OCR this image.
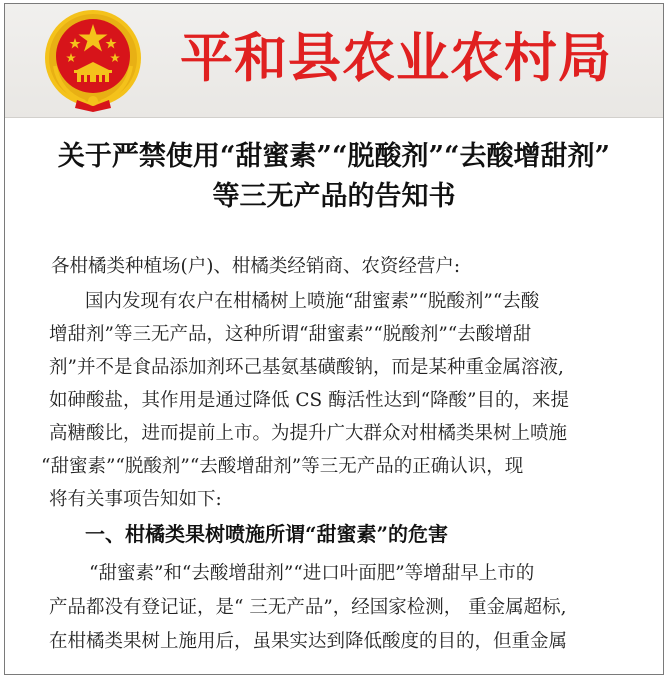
平和县农业农村局
关于严禁使用“甜蜜素”“脱酸剂”“去酸增甜剂”
等三无产品的告知书
各柑橘类种植场(户)、柑橘类经销商、农资经营户:
国内发现有农户在柑橘树上喷施“甜蜜素”“脱酸剂”“去酸
增甜剂”等三无产品，这种所谓“甜蜜素”“脱酸剂”“去酸增甜
剂”并不是食品添加剂环己基氨基磺酸钠，而是某种重金属溶液,
如砷酸盐，其作用是通过降低 CS 酶活性达到“降酸”目的，来提
高糖酸比，进而提前上市。为提升广大群众对柑橘类果树上喷施
“甜蜜素”“脱酸剂”“去酸增甜剂”等三无产品的正确认识，现
将有关事项告知如下:
一、柑橘类果树喷施所谓“甜蜜素”的危害
“甜蜜素”和“去酸增甜剂”“进口叶面肥”等增甜早上市的
产品都没有登记证，是“ 三无产品”，经国家检测， 重金属超标,
在柑橘类果树上施用后，虽果实达到降低酸度的目的，但重金属
